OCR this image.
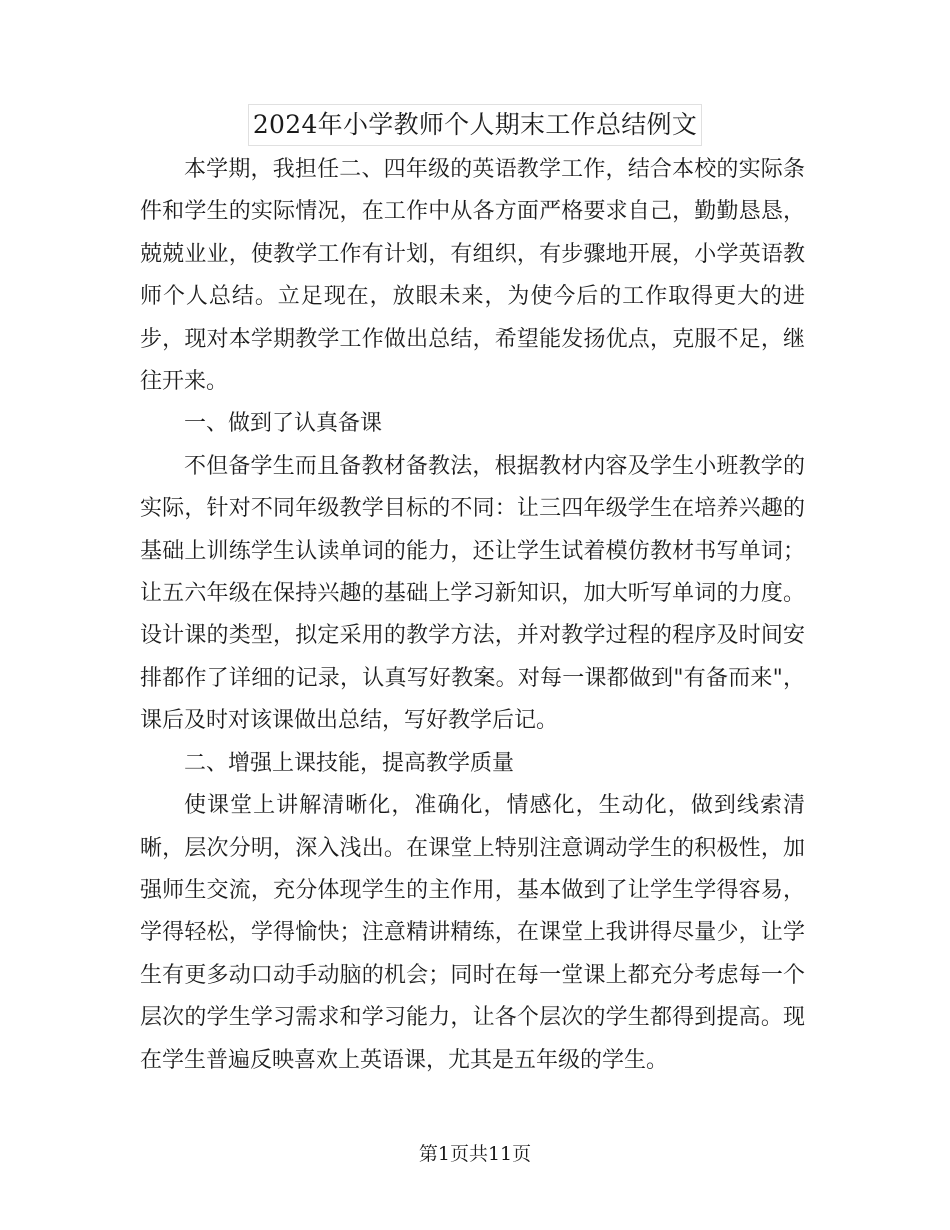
2024年小学教师个人期末工作总结例文

本学期，我担任二、四年级的英语教学工作，结合本校的实际条件和学生的实际情况，在工作中从各方面严格要求自己，勤勤恳恳，兢兢业业，使教学工作有计划，有组织，有步骤地开展，小学英语教师个人总结。立足现在，放眼未来，为使今后的工作取得更大的进步，现对本学期教学工作做出总结，希望能发扬优点，克服不足，继往开来。

一、做到了认真备课

不但备学生而且备教材备教法，根据教材内容及学生小班教学的实际，针对不同年级教学目标的不同：让三四年级学生在培养兴趣的基础上训练学生认读单词的能力，还让学生试着模仿教材书写单词；让五六年级在保持兴趣的基础上学习新知识，加大听写单词的力度。设计课的类型，拟定采用的教学方法，并对教学过程的程序及时间安排都作了详细的记录，认真写好教案。对每一课都做到"有备而来"，课后及时对该课做出总结，写好教学后记。

二、增强上课技能，提高教学质量

使课堂上讲解清晰化，准确化，情感化，生动化，做到线索清晰，层次分明，深入浅出。在课堂上特别注意调动学生的积极性，加强师生交流，充分体现学生的主作用，基本做到了让学生学得容易，学得轻松，学得愉快；注意精讲精练，在课堂上我讲得尽量少，让学生有更多动口动手动脑的机会；同时在每一堂课上都充分考虑每一个层次的学生学习需求和学习能力，让各个层次的学生都得到提高。现在学生普遍反映喜欢上英语课，尤其是五年级的学生。

第1页共11页
